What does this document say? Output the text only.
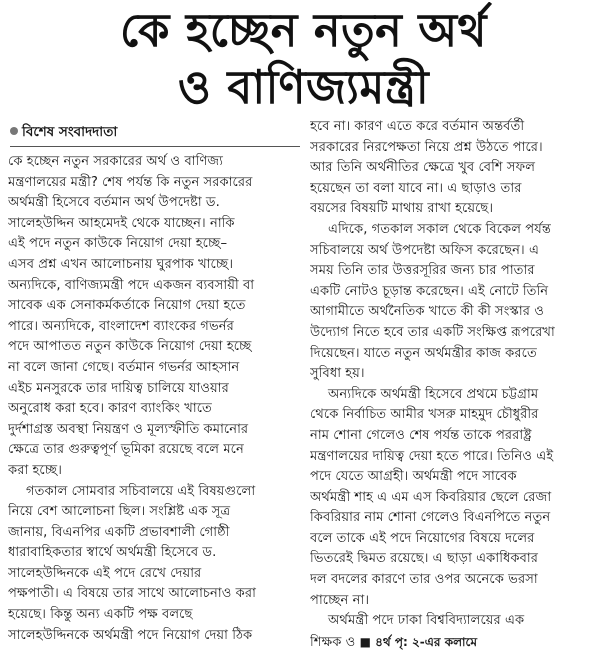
কে হচ্ছেন নতুন অর্থ
ও বাণিজ্যমন্ত্রী
বিশেষ সংবাদদাতা
কে হচ্ছেন নতুন সরকারের অর্থ ও বাণিজ্য
মন্ত্রণালয়ের মন্ত্রী? শেষ পর্যন্ত কি নতুন সরকারের
অর্থমন্ত্রী হিসেবে বর্তমান অর্থ উপদেষ্টা ড.
সালেহউদ্দিন আহমেদই থেকে যাচ্ছেন। নাকি
এই পদে নতুন কাউকে নিয়োগ দেয়া হচ্ছে–
এসব প্রশ্ন এখন আলোচনায় ঘুরপাক খাচ্ছে।
অন্যদিকে, বাণিজ্যমন্ত্রী পদে একজন ব্যবসায়ী বা
সাবেক এক সেনাকর্মকর্তাকে নিয়োগ দেয়া হতে
পারে। অন্যদিকে, বাংলাদেশ ব্যাংকের গভর্নর
পদে আপাতত নতুন কাউকে নিয়োগ দেয়া হচ্ছে
না বলে জানা গেছে। বর্তমান গভর্নর আহসান
এইচ মনসুরকে তার দায়িত্ব চালিয়ে যাওয়ার
অনুরোধ করা হবে। কারণ ব্যাংকিং খাতে
দুর্দশাগ্রস্ত অবস্থা নিয়ন্ত্রণ ও মূল্যস্ফীতি কমানোর
ক্ষেত্রে তার গুরুত্বপূর্ণ ভূমিকা রয়েছে বলে মনে
করা হচ্ছে।
গতকাল সোমবার সচিবালয়ে এই বিষয়গুলো
নিয়ে বেশ আলোচনা ছিল। সংশ্লিষ্ট এক সূত্র
জানায়, বিএনপির একটি প্রভাবশালী গোষ্ঠী
ধারাবাহিকতার স্বার্থে অর্থমন্ত্রী হিসেবে ড.
সালেহউদ্দিনকে এই পদে রেখে দেয়ার
পক্ষপাতী। এ বিষয়ে তার সাথে আলোচনাও করা
হয়েছে। কিন্তু অন্য একটি পক্ষ বলছে
সালেহউদ্দিনকে অর্থমন্ত্রী পদে নিয়োগ দেয়া ঠিক
হবে না। কারণ এতে করে বর্তমান অন্তর্বর্তী
সরকারের নিরপেক্ষতা নিয়ে প্রশ্ন উঠতে পারে।
আর তিনি অর্থনীতির ক্ষেত্রে খুব বেশি সফল
হয়েছেন তা বলা যাবে না। এ ছাড়াও তার
বয়সের বিষয়টি মাথায় রাখা হয়েছে।
এদিকে, গতকাল সকাল থেকে বিকেল পর্যন্ত
সচিবালয়ে অর্থ উপদেষ্টা অফিস করেছেন। এ
সময় তিনি তার উত্তরসূরির জন্য চার পাতার
একটি নোটও চূড়ান্ত করেছেন। এই নোটে তিনি
আগামীতে অর্থনৈতিক খাতে কী কী সংস্কার ও
উদ্যোগ নিতে হবে তার একটি সংক্ষিপ্ত রূপরেখা
দিয়েছেন। যাতে নতুন অর্থমন্ত্রীর কাজ করতে
সুবিধা হয়।
অন্যদিকে অর্থমন্ত্রী হিসেবে প্রথমে চট্টগ্রাম
থেকে নির্বাচিত আমীর খসরু মাহমুদ চৌধুরীর
নাম শোনা গেলেও শেষ পর্যন্ত তাকে পররাষ্ট্র
মন্ত্রণালয়ের দায়িত্ব দেয়া হতে পারে। তিনিও এই
পদে যেতে আগ্রহী। অর্থমন্ত্রী পদে সাবেক
অর্থমন্ত্রী শাহ এ এম এস কিবরিয়ার ছেলে রেজা
কিবরিয়ার নাম শোনা গেলেও বিএনপিতে নতুন
বলে তাকে এই পদে নিয়োগের বিষয়ে দলের
ভিতরেই দ্বিমত রয়েছে। এ ছাড়া একাধিকবার
দল বদলের কারণে তার ওপর অনেকে ভরসা
পাচ্ছেন না।
অর্থমন্ত্রী পদে ঢাকা বিশ্ববিদ্যালয়ের এক
শিক্ষক ও ■ ৪র্থ পৃ: ২-এর কলামে
